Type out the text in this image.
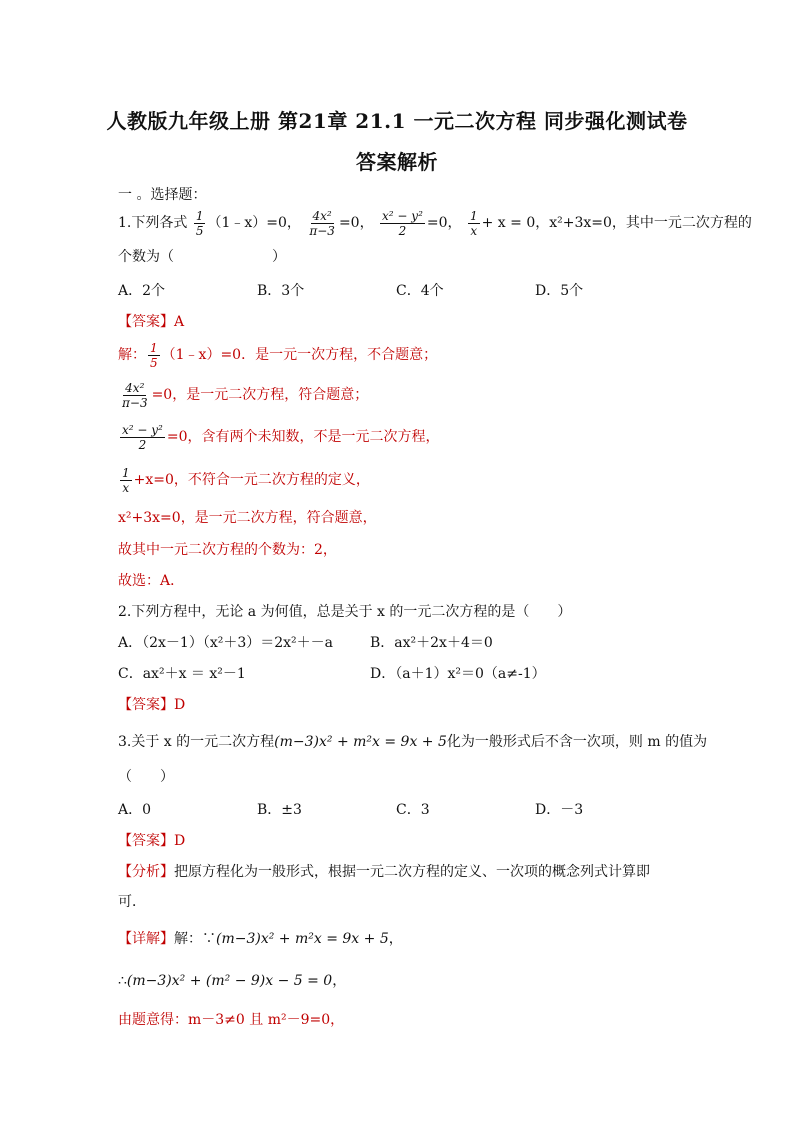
人教版九年级上册 第21章 21.1 一元二次方程 同步强化测试卷
答案解析
一 。选择题：
1.下列各式 $\frac{1}{5}$ （1﹣x）=0， $\frac{\text{4x²}}{\pi-3} =0$， $\frac{\text{x² − y²}}{2} =0$， $\frac{1}{x} + x = 0$，x²+3x=0，其中一元二次方程的
个数为（　　　　　　　）
A．2个	B．3个	C．4个	D．5个
【答案】A
解： $\frac{1}{5}$ （1﹣x）=0．是一元一次方程，不合题意；
$\frac{\text{4x²}}{\pi-3} =0$，是一元二次方程，符合题意；
$\frac{\text{x² − y²}}{2} =0$，含有两个未知数，不是一元二次方程，
$\frac{1}{x} +x=0$，不符合一元二次方程的定义，
x²+3x=0，是一元二次方程，符合题意，
故其中一元二次方程的个数为：2，
故选：A．
2.下列方程中，无论 a 为何值，总是关于 x 的一元二次方程的是（　　）
A．（2x－1）（x²＋3）＝2x²＋－a	B．ax²＋2x＋4＝0
C．ax²＋x ＝ x²－1	D．（a＋1）x²＝0（a≠-1）
【答案】D
3.关于 x 的一元二次方程(m−3)x² + m²x = 9x + 5化为一般形式后不含一次项，则 m 的值为
（　　）
A．0	B．±3	C．3	D．－3
【答案】D
【分析】把原方程化为一般形式，根据一元二次方程的定义、一次项的概念列式计算即
可．
【详解】解：∵(m−3)x² + m²x = 9x + 5，
∴(m−3)x² + (m² − 9)x − 5 = 0，
由题意得：m－3≠0 且 m²－9=0，
